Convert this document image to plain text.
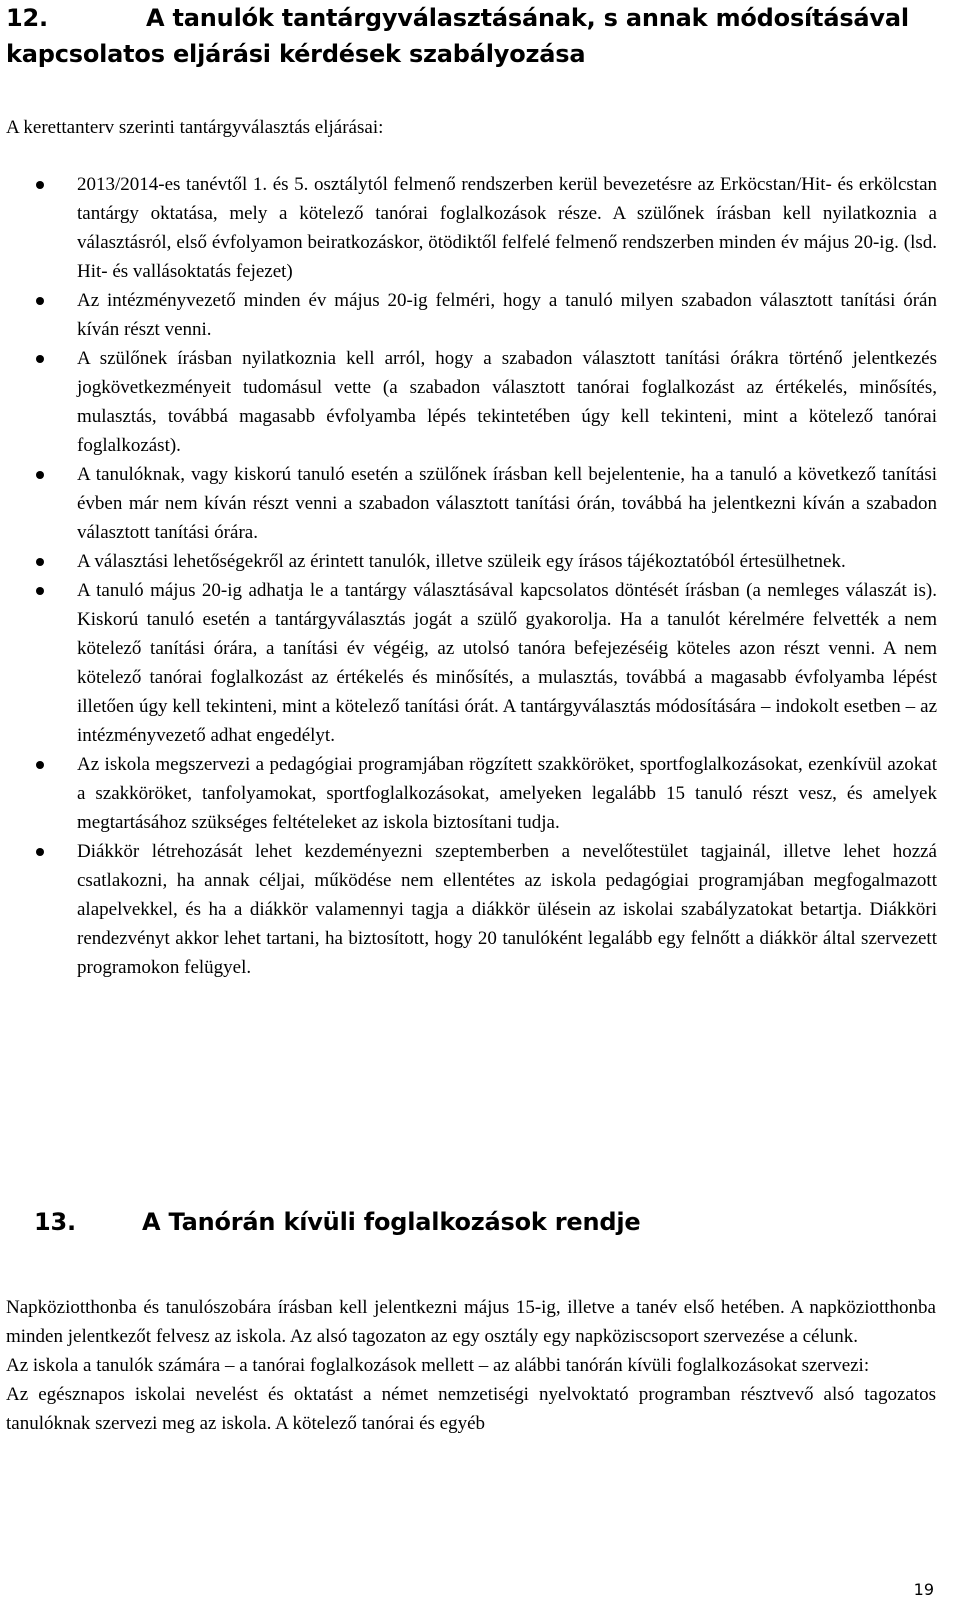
12.	A tanulók tantárgyválasztásának, s annak módosításával
kapcsolatos eljárási kérdések szabályozása

A kerettanterv szerinti tantárgyválasztás eljárásai:

2013/2014-es tanévtől 1. és 5. osztálytól felmenő rendszerben kerül bevezetésre az Erköcstan/Hit- és erkölcstan tantárgy oktatása, mely a kötelező tanórai foglalkozások része. A szülőnek írásban kell nyilatkoznia a választásról, első évfolyamon beiratkozáskor, ötödiktől felfelé felmenő rendszerben minden év május 20-ig. (lsd. Hit- és vallásoktatás fejezet)
Az intézményvezető minden év május 20-ig felméri, hogy a tanuló milyen szabadon választott tanítási órán kíván részt venni.
A szülőnek írásban nyilatkoznia kell arról, hogy a szabadon választott tanítási órákra történő jelentkezés jogkövetkezményeit tudomásul vette (a szabadon választott tanórai foglalkozást az értékelés, minősítés, mulasztás, továbbá magasabb évfolyamba lépés tekintetében úgy kell tekinteni, mint a kötelező tanórai foglalkozást).
A tanulóknak, vagy kiskorú tanuló esetén a szülőnek írásban kell bejelentenie, ha a tanuló a következő tanítási évben már nem kíván részt venni a szabadon választott tanítási órán, továbbá ha jelentkezni kíván a szabadon választott tanítási órára.
A választási lehetőségekről az érintett tanulók, illetve szüleik egy írásos tájékoztatóból értesülhetnek.
A tanuló május 20-ig adhatja le a tantárgy választásával kapcsolatos döntését írásban (a nemleges válaszát is). Kiskorú tanuló esetén a tantárgyválasztás jogát a szülő gyakorolja. Ha a tanulót kérelmére felvették a nem kötelező tanítási órára, a tanítási év végéig, az utolsó tanóra befejezéséig köteles azon részt venni. A nem kötelező tanórai foglalkozást az értékelés és minősítés, a mulasztás, továbbá a magasabb évfolyamba lépést illetően úgy kell tekinteni, mint a kötelező tanítási órát. A tantárgyválasztás módosítására – indokolt esetben – az intézményvezető adhat engedélyt.
Az iskola megszervezi a pedagógiai programjában rögzített szakköröket, sportfoglalkozásokat, ezenkívül azokat a szakköröket, tanfolyamokat, sportfoglalkozásokat, amelyeken legalább 15 tanuló részt vesz, és amelyek megtartásához szükséges feltételeket az iskola biztosítani tudja.
Diákkör létrehozását lehet kezdeményezni szeptemberben a nevelőtestület tagjainál, illetve lehet hozzá csatlakozni, ha annak céljai, működése nem ellentétes az iskola pedagógiai programjában megfogalmazott alapelvekkel, és ha a diákkör valamennyi tagja a diákkör ülésein az iskolai szabályzatokat betartja. Diákköri rendezvényt akkor lehet tartani, ha biztosított, hogy 20 tanulóként legalább egy felnőtt a diákkör által szervezett programokon felügyel.
13.	A Tanórán kívüli foglalkozások rendje

Napköziotthonba és tanulószobára írásban kell jelentkezni május 15-ig, illetve a tanév első hetében. A napköziotthonba minden jelentkezőt felvesz az iskola. Az alsó tagozaton az egy osztály egy napköziscsoport szervezése a célunk.

Az iskola a tanulók számára – a tanórai foglalkozások mellett – az alábbi tanórán kívüli foglalkozásokat szervezi:

Az egésznapos iskolai nevelést és oktatást a német nemzetiségi nyelvoktató programban résztvevő alsó tagozatos tanulóknak szervezi meg az iskola. A kötelező tanórai és egyéb

19
